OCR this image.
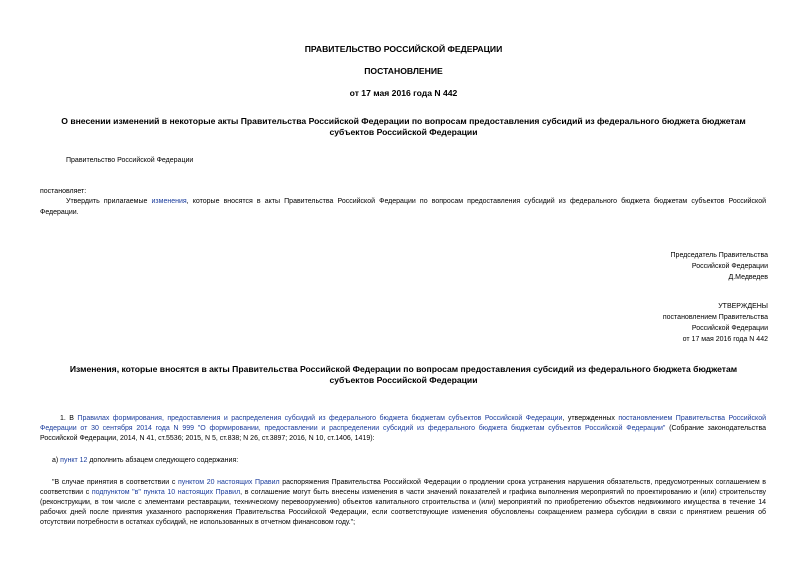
ПРАВИТЕЛЬСТВО РОССИЙСКОЙ ФЕДЕРАЦИИ
ПОСТАНОВЛЕНИЕ
от 17 мая 2016 года N 442
О внесении изменений в некоторые акты Правительства Российской Федерации по вопросам предоставления субсидий из федерального бюджета бюджетам
субъектов Российской Федерации
Правительство Российской Федерации
постановляет:
Утвердить прилагаемые изменения, которые вносятся в акты Правительства Российской Федерации по вопросам предоставления субсидий из федерального бюджета бюджетам субъектов Российской
Федерации.
Председатель Правительства
Российской Федерации
Д.Медведев
УТВЕРЖДЕНЫ
постановлением Правительства
Российской Федерации
от 17 мая 2016 года N 442
Изменения, которые вносятся в акты Правительства Российской Федерации по вопросам предоставления субсидий из федерального бюджета бюджетам
субъектов Российской Федерации
1. В Правилах формирования, предоставления и распределения субсидий из федерального бюджета бюджетам субъектов Российской Федерации, утвержденных постановлением Правительства Российской
Федерации от 30 сентября 2014 года N 999 "О формировании, предоставлении и распределении субсидий из федерального бюджета бюджетам субъектов Российской Федерации" (Собрание законодательства
Российской Федерации, 2014, N 41, ст.5536; 2015, N 5, ст.838; N 26, ст.3897; 2016, N 10, ст.1406, 1419):
а) пункт 12 дополнить абзацем следующего содержания:
"В случае принятия в соответствии с пунктом 20 настоящих Правил распоряжения Правительства Российской Федерации о продлении срока устранения нарушения обязательств, предусмотренных соглашением в
соответствии с подпунктом "в" пункта 10 настоящих Правил, в соглашение могут быть внесены изменения в части значений показателей и графика выполнения мероприятий по проектированию и (или) строительству
(реконструкции, в том числе с элементами реставрации, техническому перевооружению) объектов капитального строительства и (или) мероприятий по приобретению объектов недвижимого имущества в течение 14
рабочих дней после принятия указанного распоряжения Правительства Российской Федерации, если соответствующие изменения обусловлены сокращением размера субсидии в связи с принятием решения об
отсутствии потребности в остатках субсидий, не использованных в отчетном финансовом году.";
